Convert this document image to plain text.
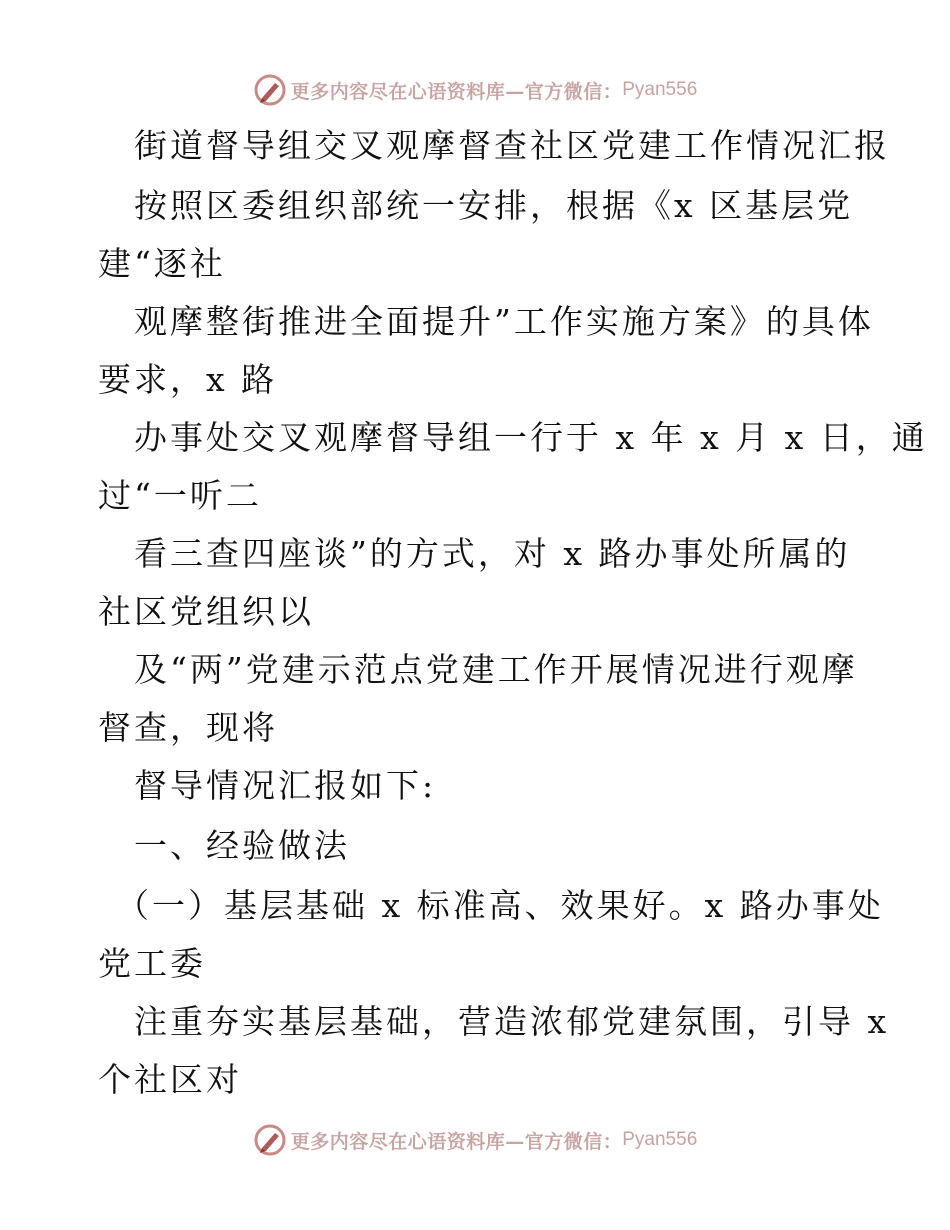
更多内容尽在心语资料库—官方微信： Pyan556
街道督导组交叉观摩督查社区党建工作情况汇报
按照区委组织部统一安排，根据《x 区基层党
建“逐社
观摩整街推进全面提升”工作实施方案》的具体
要求，x 路
办事处交叉观摩督导组一行于 x 年 x 月 x 日，通
过“一听二
看三查四座谈”的方式，对 x 路办事处所属的
社区党组织以
及“两”党建示范点党建工作开展情况进行观摩
督查，现将
督导情况汇报如下:
一、经验做法
（一）基层基础 x 标准高、效果好。x 路办事处
党工委
注重夯实基层基础，营造浓郁党建氛围，引导 x
个社区对
更多内容尽在心语资料库—官方微信： Pyan556
